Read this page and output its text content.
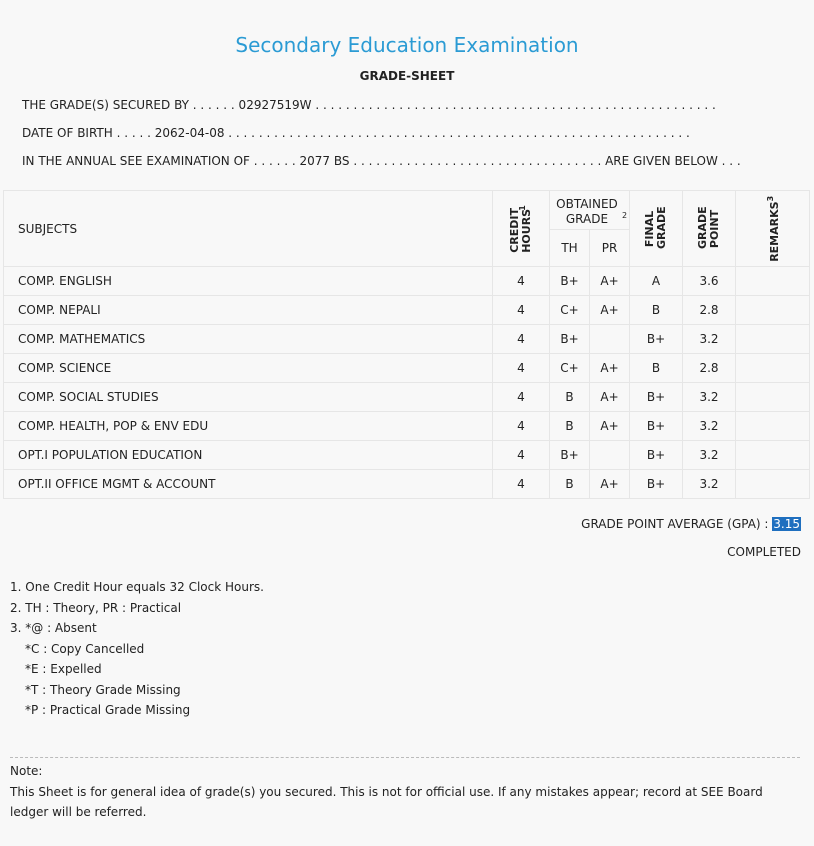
Secondary Education Examination
GRADE-SHEET
THE GRADE(S) SECURED BY . . . . . . 02927519W . . . . . . . . . . . . . . . . . . . . . . . . . . . . . . . . . . . . . . . . . . . . . . . . . . . . .
DATE OF BIRTH . . . . . 2062-04-08 . . . . . . . . . . . . . . . . . . . . . . . . . . . . . . . . . . . . . . . . . . . . . . . . . . . . . . . . . . . . .
IN THE ANNUAL SEE EXAMINATION OF . . . . . . 2077 BS . . . . . . . . . . . . . . . . . . . . . . . . . . . . . . . . . ARE GIVEN BELOW . . .
SUBJECTS	CREDIT HOURS$^1$	OBTAINED GRADE $^2$		FINAL GRADE	GRADE POINT	REMARKS$^3$
		TH	PR			
COMP. ENGLISH	4	B+	A+	A	3.6	
COMP. NEPALI	4	C+	A+	B	2.8	
COMP. MATHEMATICS	4	B+		B+	3.2	
COMP. SCIENCE	4	C+	A+	B	2.8	
COMP. SOCIAL STUDIES	4	B	A+	B+	3.2	
COMP. HEALTH, POP & ENV EDU	4	B	A+	B+	3.2	
OPT.I POPULATION EDUCATION	4	B+		B+	3.2	
OPT.II OFFICE MGMT & ACCOUNT	4	B	A+	B+	3.2	
GRADE POINT AVERAGE (GPA) : 3.15
COMPLETED
1. One Credit Hour equals 32 Clock Hours.
2. TH : Theory, PR : Practical
3. *@ : Absent
*C : Copy Cancelled
*E : Expelled
*T : Theory Grade Missing
*P : Practical Grade Missing
Note:
This Sheet is for general idea of grade(s) you secured. This is not for official use. If any mistakes appear; record at SEE Board ledger will be referred.
